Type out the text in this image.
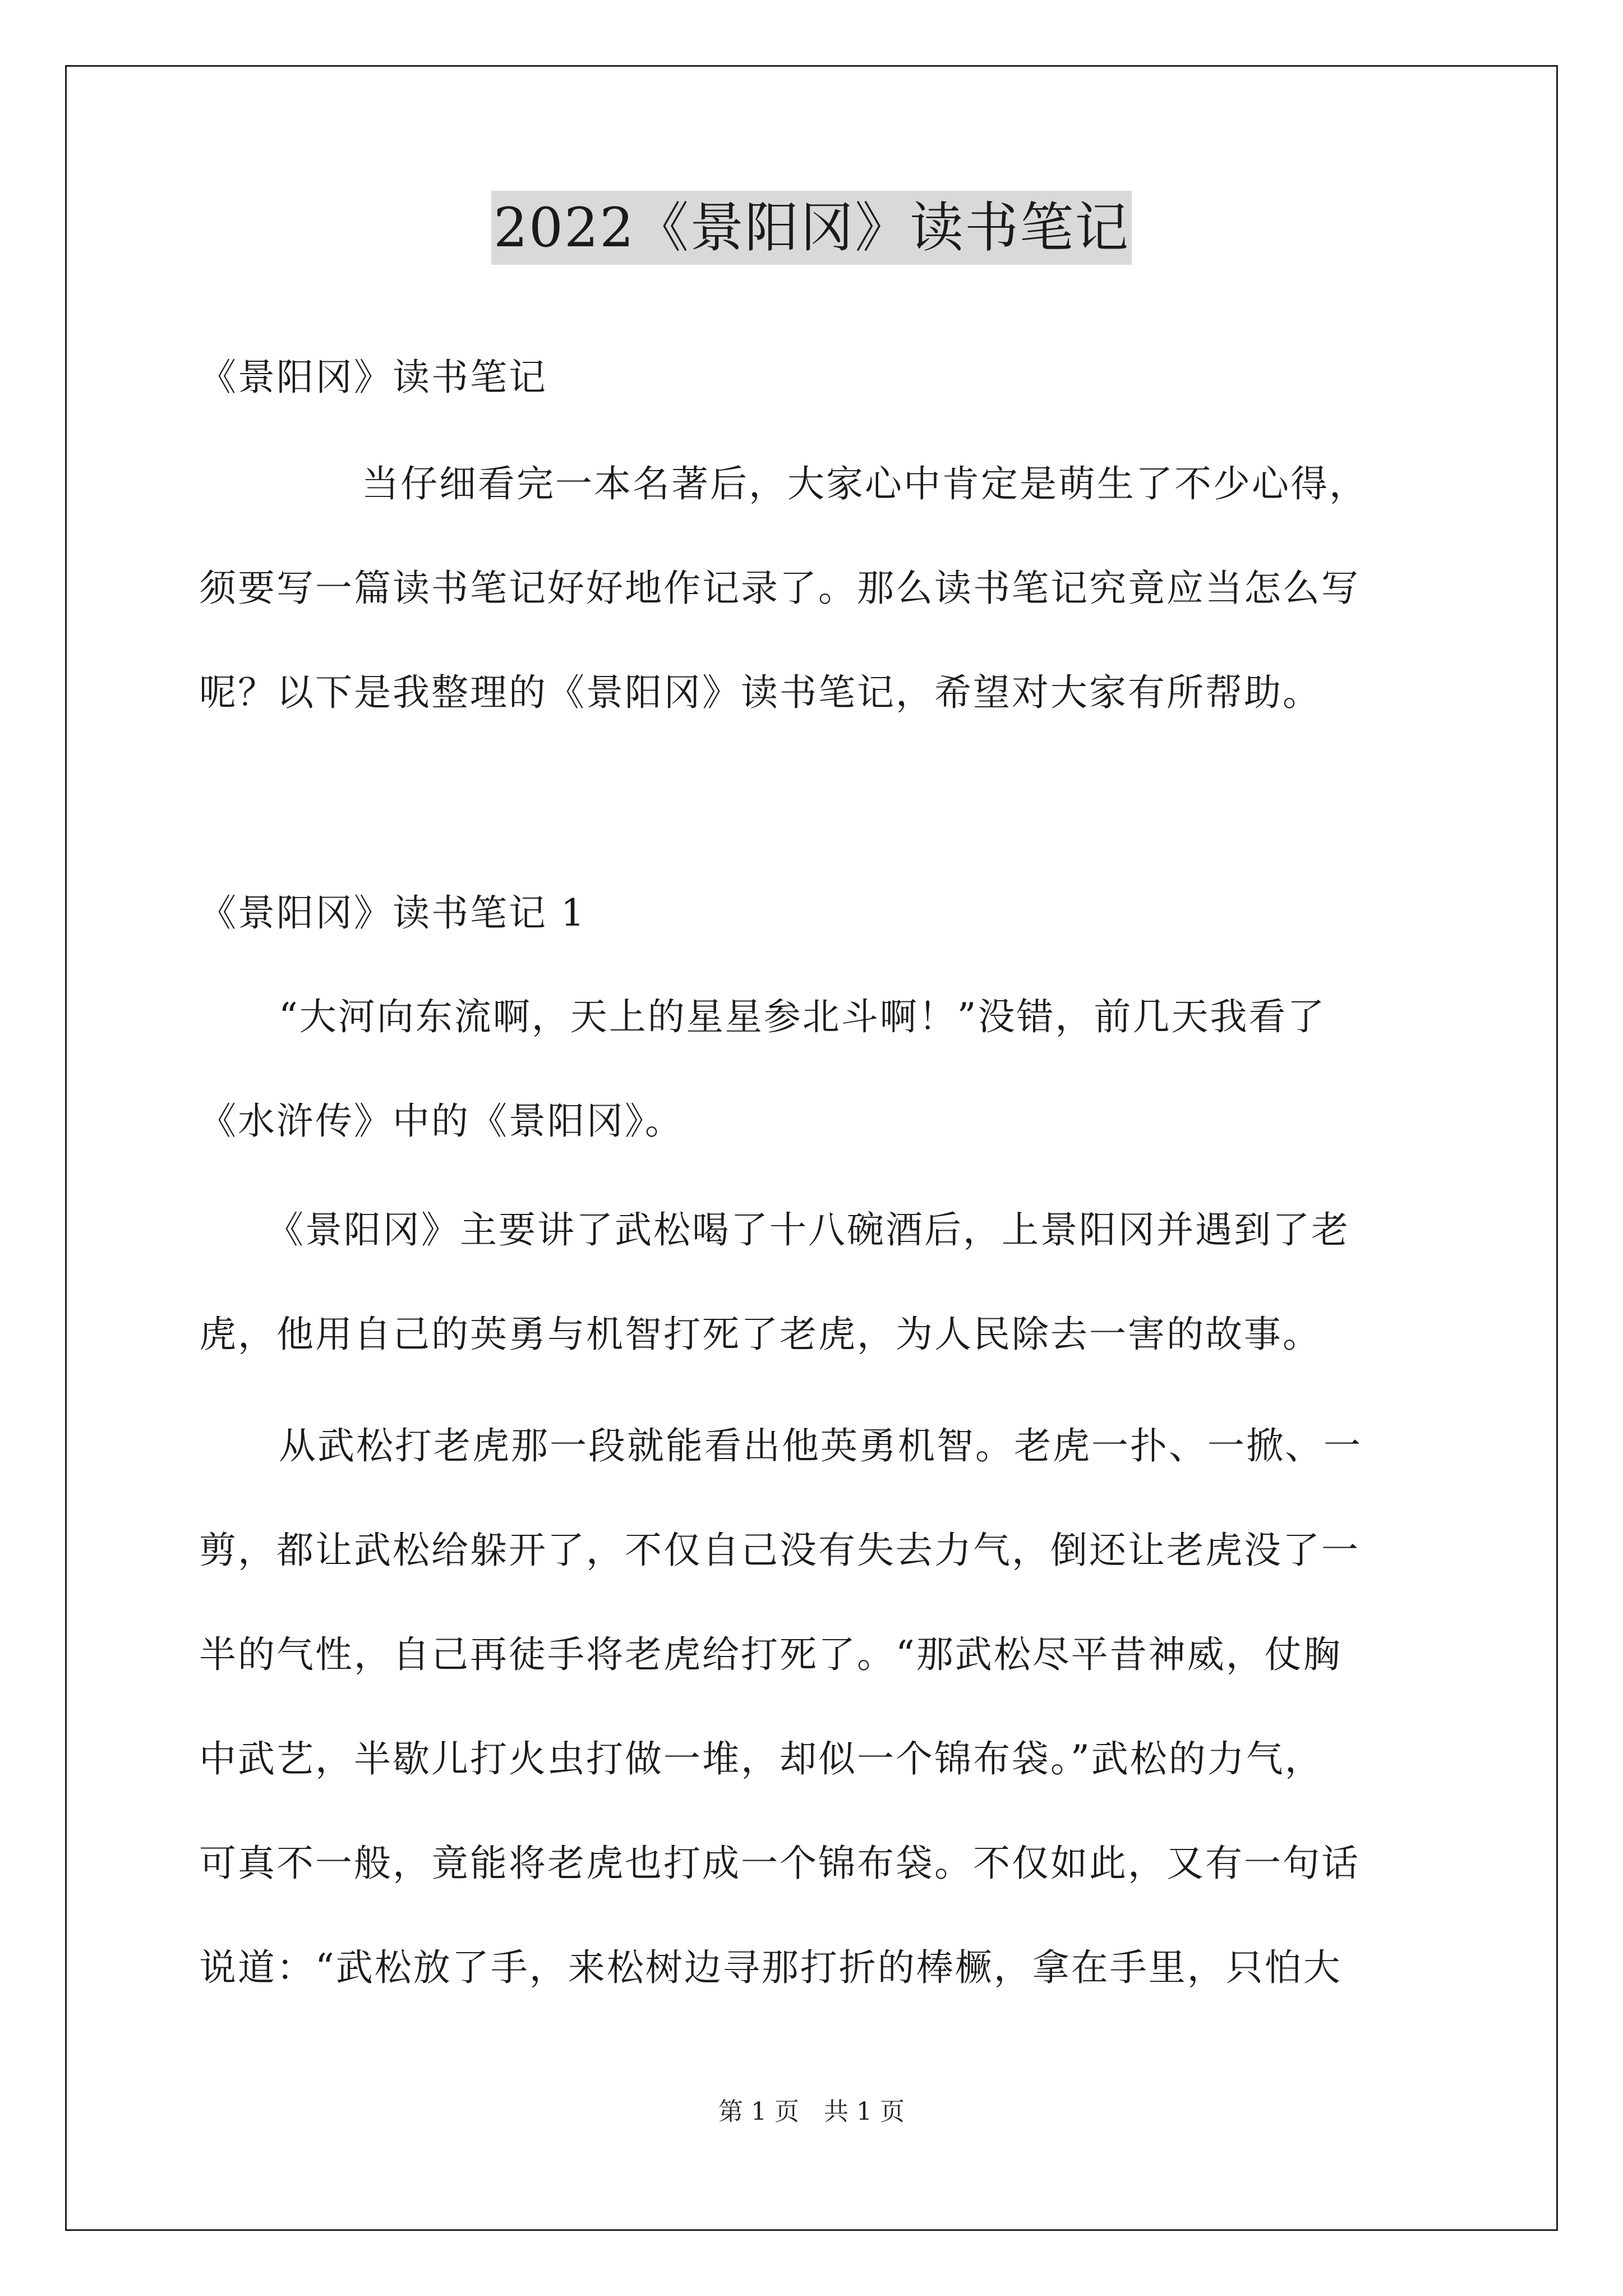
2022《景阳冈》读书笔记
《景阳冈》读书笔记
当仔细看完一本名著后，大家心中肯定是萌生了不少心得，
须要写一篇读书笔记好好地作记录了。那么读书笔记究竟应当怎么写
呢？以下是我整理的《景阳冈》读书笔记，希望对大家有所帮助。
《景阳冈》读书笔记 1
“大河向东流啊，天上的星星参北斗啊！”没错，前几天我看了
《水浒传》中的《景阳冈》。
《景阳冈》主要讲了武松喝了十八碗酒后，上景阳冈并遇到了老
虎，他用自己的英勇与机智打死了老虎，为人民除去一害的故事。
从武松打老虎那一段就能看出他英勇机智。老虎一扑、一掀、一
剪，都让武松给躲开了，不仅自己没有失去力气，倒还让老虎没了一
半的气性，自己再徒手将老虎给打死了。“那武松尽平昔神威，仗胸
中武艺，半歇儿打火虫打做一堆，却似一个锦布袋。”武松的力气，
可真不一般，竟能将老虎也打成一个锦布袋。不仅如此，又有一句话
说道：“武松放了手，来松树边寻那打折的棒橛，拿在手里，只怕大
第 1 页　共 1 页
